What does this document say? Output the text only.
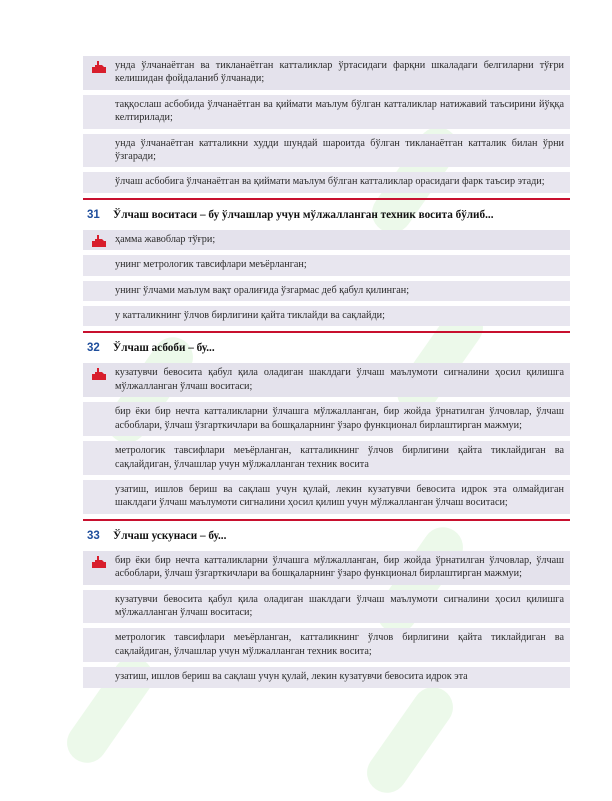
унда ўлчанаётган ва тикланаётган катталиклар ўртасидаги фарқни шкаладаги белгиларни тўғри келишидан фойдаланиб ўлчанади;
таққослаш асбобида ўлчанаётган ва қиймати маълум бўлган катталиклар натижавий таъсирини йўққа келтирилади;
унда ўлчанаётган катталикни худди шундай шароитда бўлган тикланаётган катталик билан ўрни ўзгаради;
ўлчаш асбобига ўлчанаётган ва қиймати маълум бўлган катталиклар орасидаги фарк таъсир этади;
31	Ўлчаш воситаси – бу ўлчашлар учун мўлжалланган техник восита бўлиб...
ҳамма жавоблар тўғри;
унинг метрологик тавсифлари меъёрланган;
унинг ўлчами маълум вақт оралиғида ўзгармас деб қабул қилинган;
у катталикнинг ўлчов бирлигини қайта тиклайди ва сақлайди;
32	Ўлчаш асбоби – бу...
кузатувчи бевосита қабул қила оладиган шаклдаги ўлчаш маълумоти сигналини ҳосил қилишга мўлжалланган ўлчаш воситаси;
бир ёки бир нечта катталикларни ўлчашга мўлжалланган, бир жойда ўрнатилган ўлчовлар, ўлчаш асбоблари, ўлчаш ўзгарткичлари ва бошқаларнинг ўзаро функционал бирлаштирган мажмуи;
метрологик тавсифлари меъёрланган, катталикнинг ўлчов бирлигини қайта тиклайдиган ва сақлайдиган, ўлчашлар учун мўлжалланган техник восита
узатиш, ишлов бериш ва сақлаш учун қулай, лекин кузатувчи бевосита идрок эта олмайдиган шаклдаги ўлчаш маълумоти сигналини ҳосил қилиш учун мўлжалланган ўлчаш воситаси;
33	Ўлчаш ускунаси – бу...
бир ёки бир нечта катталикларни ўлчашга мўлжалланган, бир жойда ўрнатилган ўлчовлар, ўлчаш асбоблари, ўлчаш ўзгарткичлари ва бошқаларнинг ўзаро функционал бирлаштирган мажмуи;
кузатувчи бевосита қабул қила оладиган шаклдаги ўлчаш маълумоти сигналини ҳосил қилишга мўлжалланган ўлчаш воситаси;
метрологик тавсифлари меъёрланган, катталикнинг ўлчов бирлигини қайта тиклайдиган ва сақлайдиган, ўлчашлар учун мўлжалланган техник восита;
узатиш, ишлов бериш ва сақлаш учун қулай, лекин кузатувчи бевосита идрок эта
